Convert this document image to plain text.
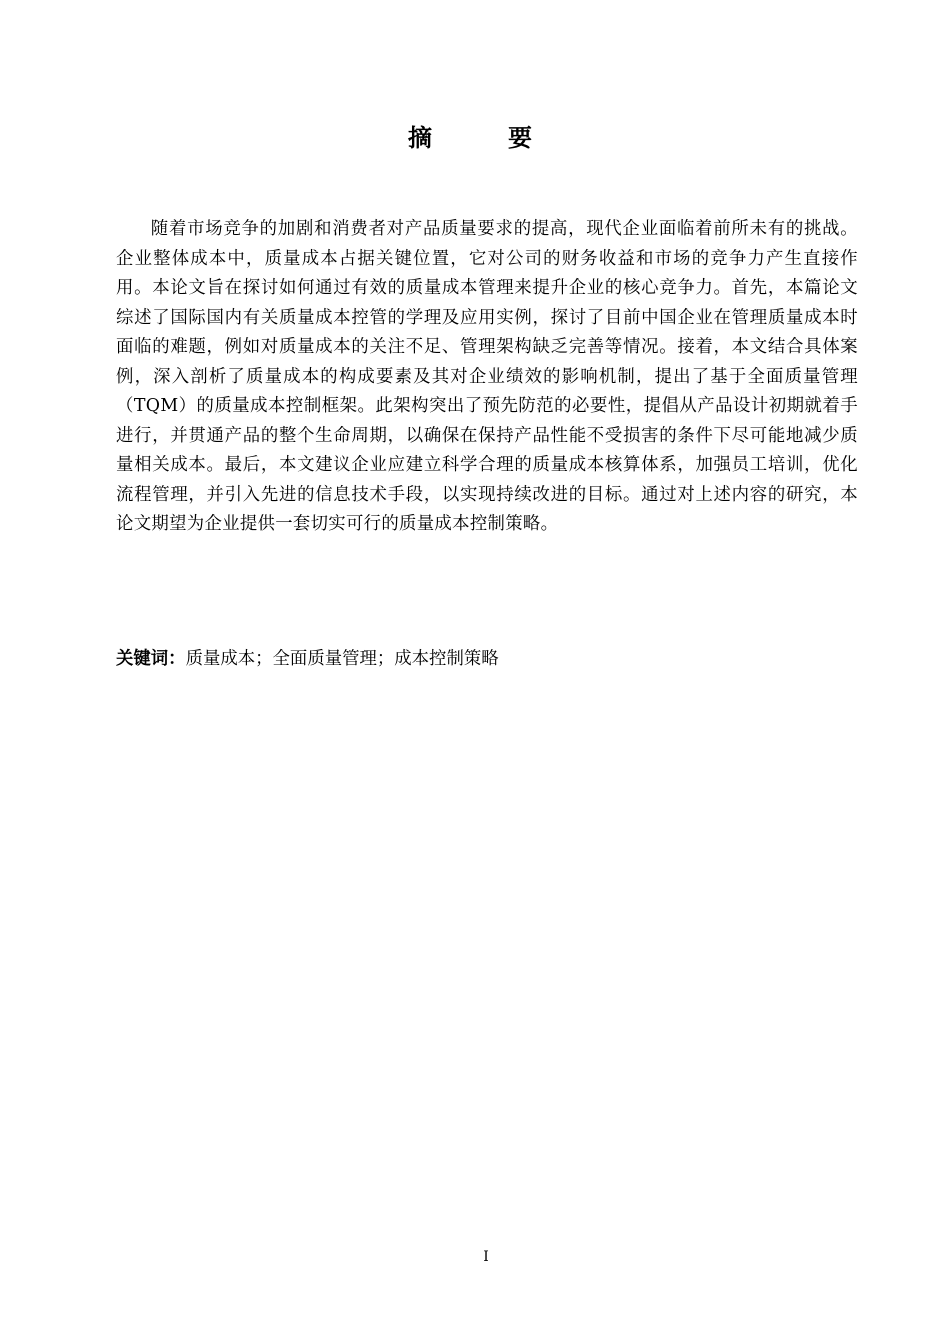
摘　要

随着市场竞争的加剧和消费者对产品质量要求的提高，现代企业面临着前所未有的挑战。企业整体成本中，质量成本占据关键位置，它对公司的财务收益和市场的竞争力产生直接作用。本论文旨在探讨如何通过有效的质量成本管理来提升企业的核心竞争力。首先，本篇论文综述了国际国内有关质量成本控管的学理及应用实例，探讨了目前中国企业在管理质量成本时面临的难题，例如对质量成本的关注不足、管理架构缺乏完善等情况。接着，本文结合具体案例，深入剖析了质量成本的构成要素及其对企业绩效的影响机制，提出了基于全面质量管理（TQM）的质量成本控制框架。此架构突出了预先防范的必要性，提倡从产品设计初期就着手进行，并贯通产品的整个生命周期，以确保在保持产品性能不受损害的条件下尽可能地减少质量相关成本。最后，本文建议企业应建立科学合理的质量成本核算体系，加强员工培训，优化流程管理，并引入先进的信息技术手段，以实现持续改进的目标。通过对上述内容的研究，本论文期望为企业提供一套切实可行的质量成本控制策略。

关键词：质量成本；全面质量管理；成本控制策略
I
